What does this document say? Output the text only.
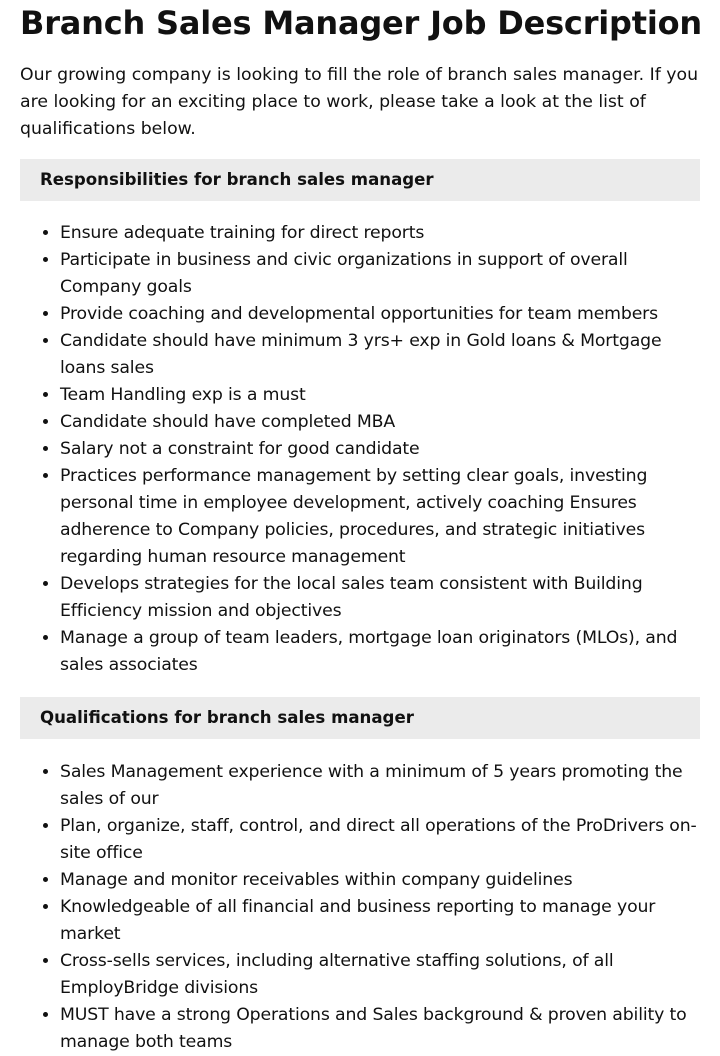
Branch Sales Manager Job Description

Our growing company is looking to fill the role of branch sales manager. If you are looking for an exciting place to work, please take a look at the list of qualifications below.

Responsibilities for branch sales manager
• Ensure adequate training for direct reports
• Participate in business and civic organizations in support of overall Company goals
• Provide coaching and developmental opportunities for team members
• Candidate should have minimum 3 yrs+ exp in Gold loans & Mortgage loans sales
• Team Handling exp is a must
• Candidate should have completed MBA
• Salary not a constraint for good candidate
• Practices performance management by setting clear goals, investing personal time in employee development, actively coaching Ensures adherence to Company policies, procedures, and strategic initiatives regarding human resource management
• Develops strategies for the local sales team consistent with Building Efficiency mission and objectives
• Manage a group of team leaders, mortgage loan originators (MLOs), and sales associates
Qualifications for branch sales manager
• Sales Management experience with a minimum of 5 years promoting the sales of our
• Plan, organize, staff, control, and direct all operations of the ProDrivers on-site office
• Manage and monitor receivables within company guidelines
• Knowledgeable of all financial and business reporting to manage your market
• Cross-sells services, including alternative staffing solutions, of all EmployBridge divisions
• MUST have a strong Operations and Sales background & proven ability to manage both teams
